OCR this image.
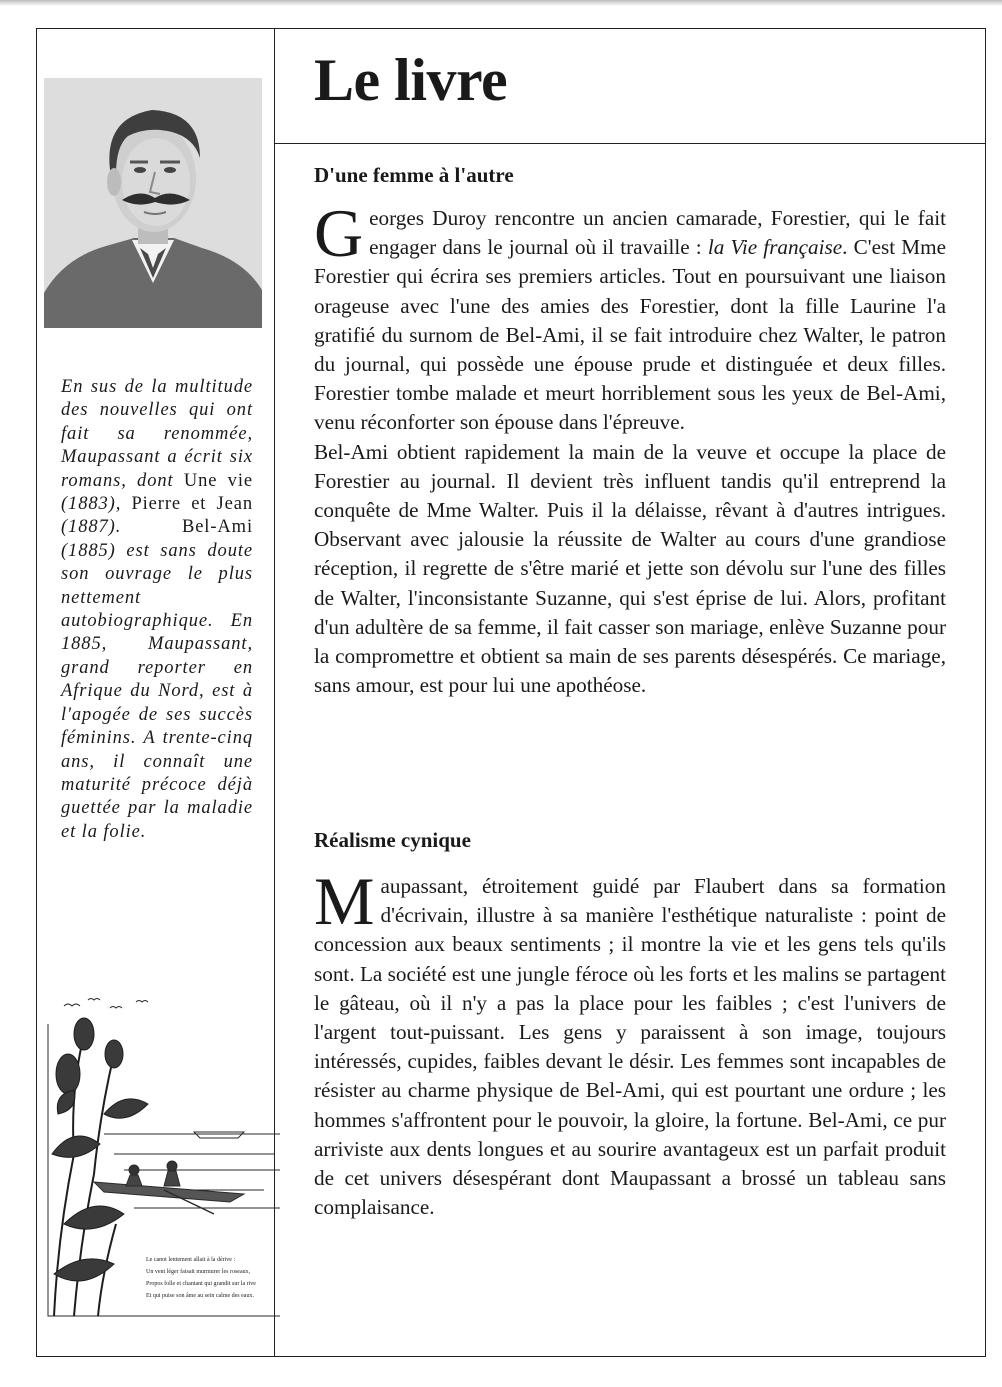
Le livre

En sus de la multitude des nouvelles qui ont fait sa renommée, Maupassant a écrit six romans, dont Une vie (1883), Pierre et Jean (1887). Bel-Ami (1885) est sans doute son ouvrage le plus nettement autobiographique. En 1885, Maupassant, grand reporter en Afrique du Nord, est à l'apogée de ses succès féminins. A trente-cinq ans, il connaît une maturité précoce déjà guettée par la maladie et la folie.

Le canot lentement allait à la dérive :
Un vent léger faisait murmurer les roseaux,
Propos folle et chantant qui grandit sur la rive
Et qui puise son âme au sein calme des eaux.
D'une femme à l'autre

Georges Duroy rencontre un ancien camarade, Forestier, qui le fait engager dans le journal où il travaille : la Vie française. C'est Mme Forestier qui écrira ses premiers articles. Tout en poursuivant une liaison orageuse avec l'une des amies des Forestier, dont la fille Laurine l'a gratifié du surnom de Bel-Ami, il se fait introduire chez Walter, le patron du journal, qui possède une épouse prude et distinguée et deux filles. Forestier tombe malade et meurt horriblement sous les yeux de Bel-Ami, venu réconforter son épouse dans l'épreuve.

Bel-Ami obtient rapidement la main de la veuve et occupe la place de Forestier au journal. Il devient très influent tandis qu'il entreprend la conquête de Mme Walter. Puis il la délaisse, rêvant à d'autres intrigues. Observant avec jalousie la réussite de Walter au cours d'une grandiose réception, il regrette de s'être marié et jette son dévolu sur l'une des filles de Walter, l'inconsistante Suzanne, qui s'est éprise de lui. Alors, profitant d'un adultère de sa femme, il fait casser son mariage, enlève Suzanne pour la compromettre et obtient sa main de ses parents désespérés. Ce mariage, sans amour, est pour lui une apothéose.

Réalisme cynique

Maupassant, étroitement guidé par Flaubert dans sa formation d'écrivain, illustre à sa manière l'esthétique naturaliste : point de concession aux beaux sentiments ; il montre la vie et les gens tels qu'ils sont. La société est une jungle féroce où les forts et les malins se partagent le gâteau, où il n'y a pas la place pour les faibles ; c'est l'univers de l'argent tout-puissant. Les gens y paraissent à son image, toujours intéressés, cupides, faibles devant le désir. Les femmes sont incapables de résister au charme physique de Bel-Ami, qui est pourtant une ordure ; les hommes s'affrontent pour le pouvoir, la gloire, la fortune. Bel-Ami, ce pur arriviste aux dents longues et au sourire avantageux est un parfait produit de cet univers désespérant dont Maupassant a brossé un tableau sans complaisance.
